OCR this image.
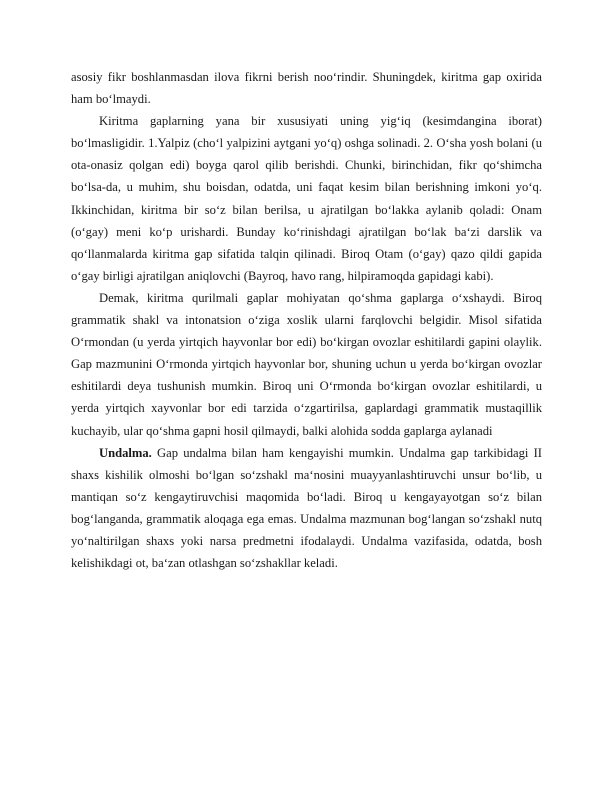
asosiy fikr boshlanmasdan ilova fikrni berish noo‘rindir. Shuningdek, kiritma gap oxirida ham bo‘lmaydi.

Kiritma gaplarning yana bir xususiyati uning yig‘iq (kesimdangina iborat) bo‘lmasligidir. 1.Yalpiz (cho‘l yalpizini aytgani yo‘q) oshga solinadi. 2. O‘sha yosh bolani (u ota-onasiz qolgan edi) boyga qarol qilib berishdi. Chunki, birinchidan, fikr qo‘shimcha bo‘lsa-da, u muhim, shu boisdan, odatda, uni faqat kesim bilan berishning imkoni yo‘q. Ikkinchidan, kiritma bir so‘z bilan berilsa, u ajratilgan bo‘lakka aylanib qoladi: Onam (o‘gay) meni ko‘p urishardi. Bunday ko‘rinishdagi ajratilgan bo‘lak ba‘zi darslik va qo‘llanmalarda kiritma gap sifatida talqin qilinadi. Biroq Otam (o‘gay) qazo qildi gapida o‘gay birligi ajratilgan aniqlovchi (Bayroq, havo rang, hilpiramoqda gapidagi kabi).

Demak, kiritma qurilmali gaplar mohiyatan qo‘shma gaplarga o‘xshaydi. Biroq grammatik shakl va intonatsion o‘ziga xoslik ularni farqlovchi belgidir. Misol sifatida O‘rmondan (u yerda yirtqich hayvonlar bor edi) bo‘kirgan ovozlar eshitilardi gapini olaylik. Gap mazmunini O‘rmonda yirtqich hayvonlar bor, shuning uchun u yerda bo‘kirgan ovozlar eshitilardi deya tushunish mumkin. Biroq uni O‘rmonda bo‘kirgan ovozlar eshitilardi, u yerda yirtqich xayvonlar bor edi tarzida o‘zgartirilsa, gaplardagi grammatik mustaqillik kuchayib, ular qo‘shma gapni hosil qilmaydi, balki alohida sodda gaplarga aylanadi

Undalma. Gap undalma bilan ham kengayishi mumkin. Undalma gap tarkibidagi II shaxs kishilik olmoshi bo‘lgan so‘zshakl ma‘nosini muayyanlashtiruvchi unsur bo‘lib, u mantiqan so‘z kengaytiruvchisi maqomida bo‘ladi. Biroq u kengayayotgan so‘z bilan bog‘langanda, grammatik aloqaga ega emas. Undalma mazmunan bog‘langan so‘zshakl nutq yo‘naltirilgan shaxs yoki narsa predmetni ifodalaydi. Undalma vazifasida, odatda, bosh kelishikdagi ot, ba‘zan otlashgan so‘zshakllar keladi.
